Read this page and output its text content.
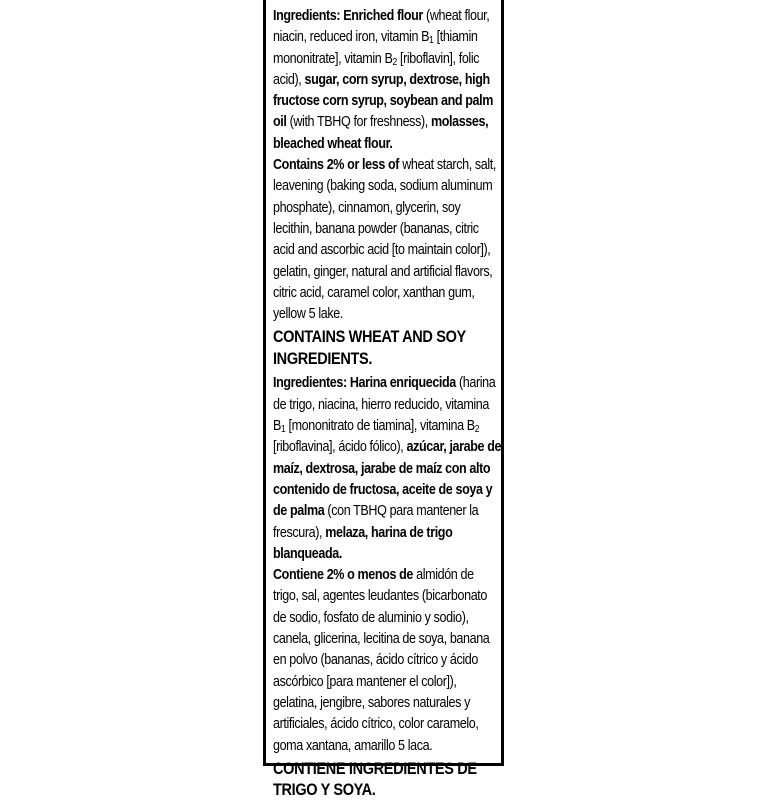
Ingredients: Enriched flour (wheat flour, niacin, reduced iron, vitamin $B_1$ [thiamin mononitrate], vitamin $B_2$ [riboflavin], folic acid), sugar, corn syrup, dextrose, high fructose corn syrup, soybean and palm oil (with TBHQ for freshness), molasses, bleached wheat flour.

Contains 2% or less of wheat starch, salt, leavening (baking soda, sodium aluminum phosphate), cinnamon, glycerin, soy lecithin, banana powder (bananas, citric acid and ascorbic acid [to maintain color]), gelatin, ginger, natural and artificial flavors, citric acid, caramel color, xanthan gum, yellow 5 lake.

CONTAINS WHEAT AND SOY INGREDIENTS.

Ingredientes: Harina enriquecida (harina de trigo, niacina, hierro reducido, vitamina $B_1$ [mononitrato de tiamina], vitamina $B_2$ [riboflavina], ácido fólico), azúcar, jarabe de maíz, dextrosa, jarabe de maíz con alto contenido de fructosa, aceite de soya y de palma (con TBHQ para mantener la frescura), melaza, harina de trigo blanqueada.

Contiene 2% o menos de almidón de trigo, sal, agentes leudantes (bicarbonato de sodio, fosfato de aluminio y sodio), canela, glicerina, lecitina de soya, banana en polvo (bananas, ácido cítrico y ácido ascórbico [para mantener el color]), gelatina, jengibre, sabores naturales y artificiales, ácido cítrico, color caramelo, goma xantana, amarillo 5 laca.

CONTIENE INGREDIENTES DE TRIGO Y SOYA.
